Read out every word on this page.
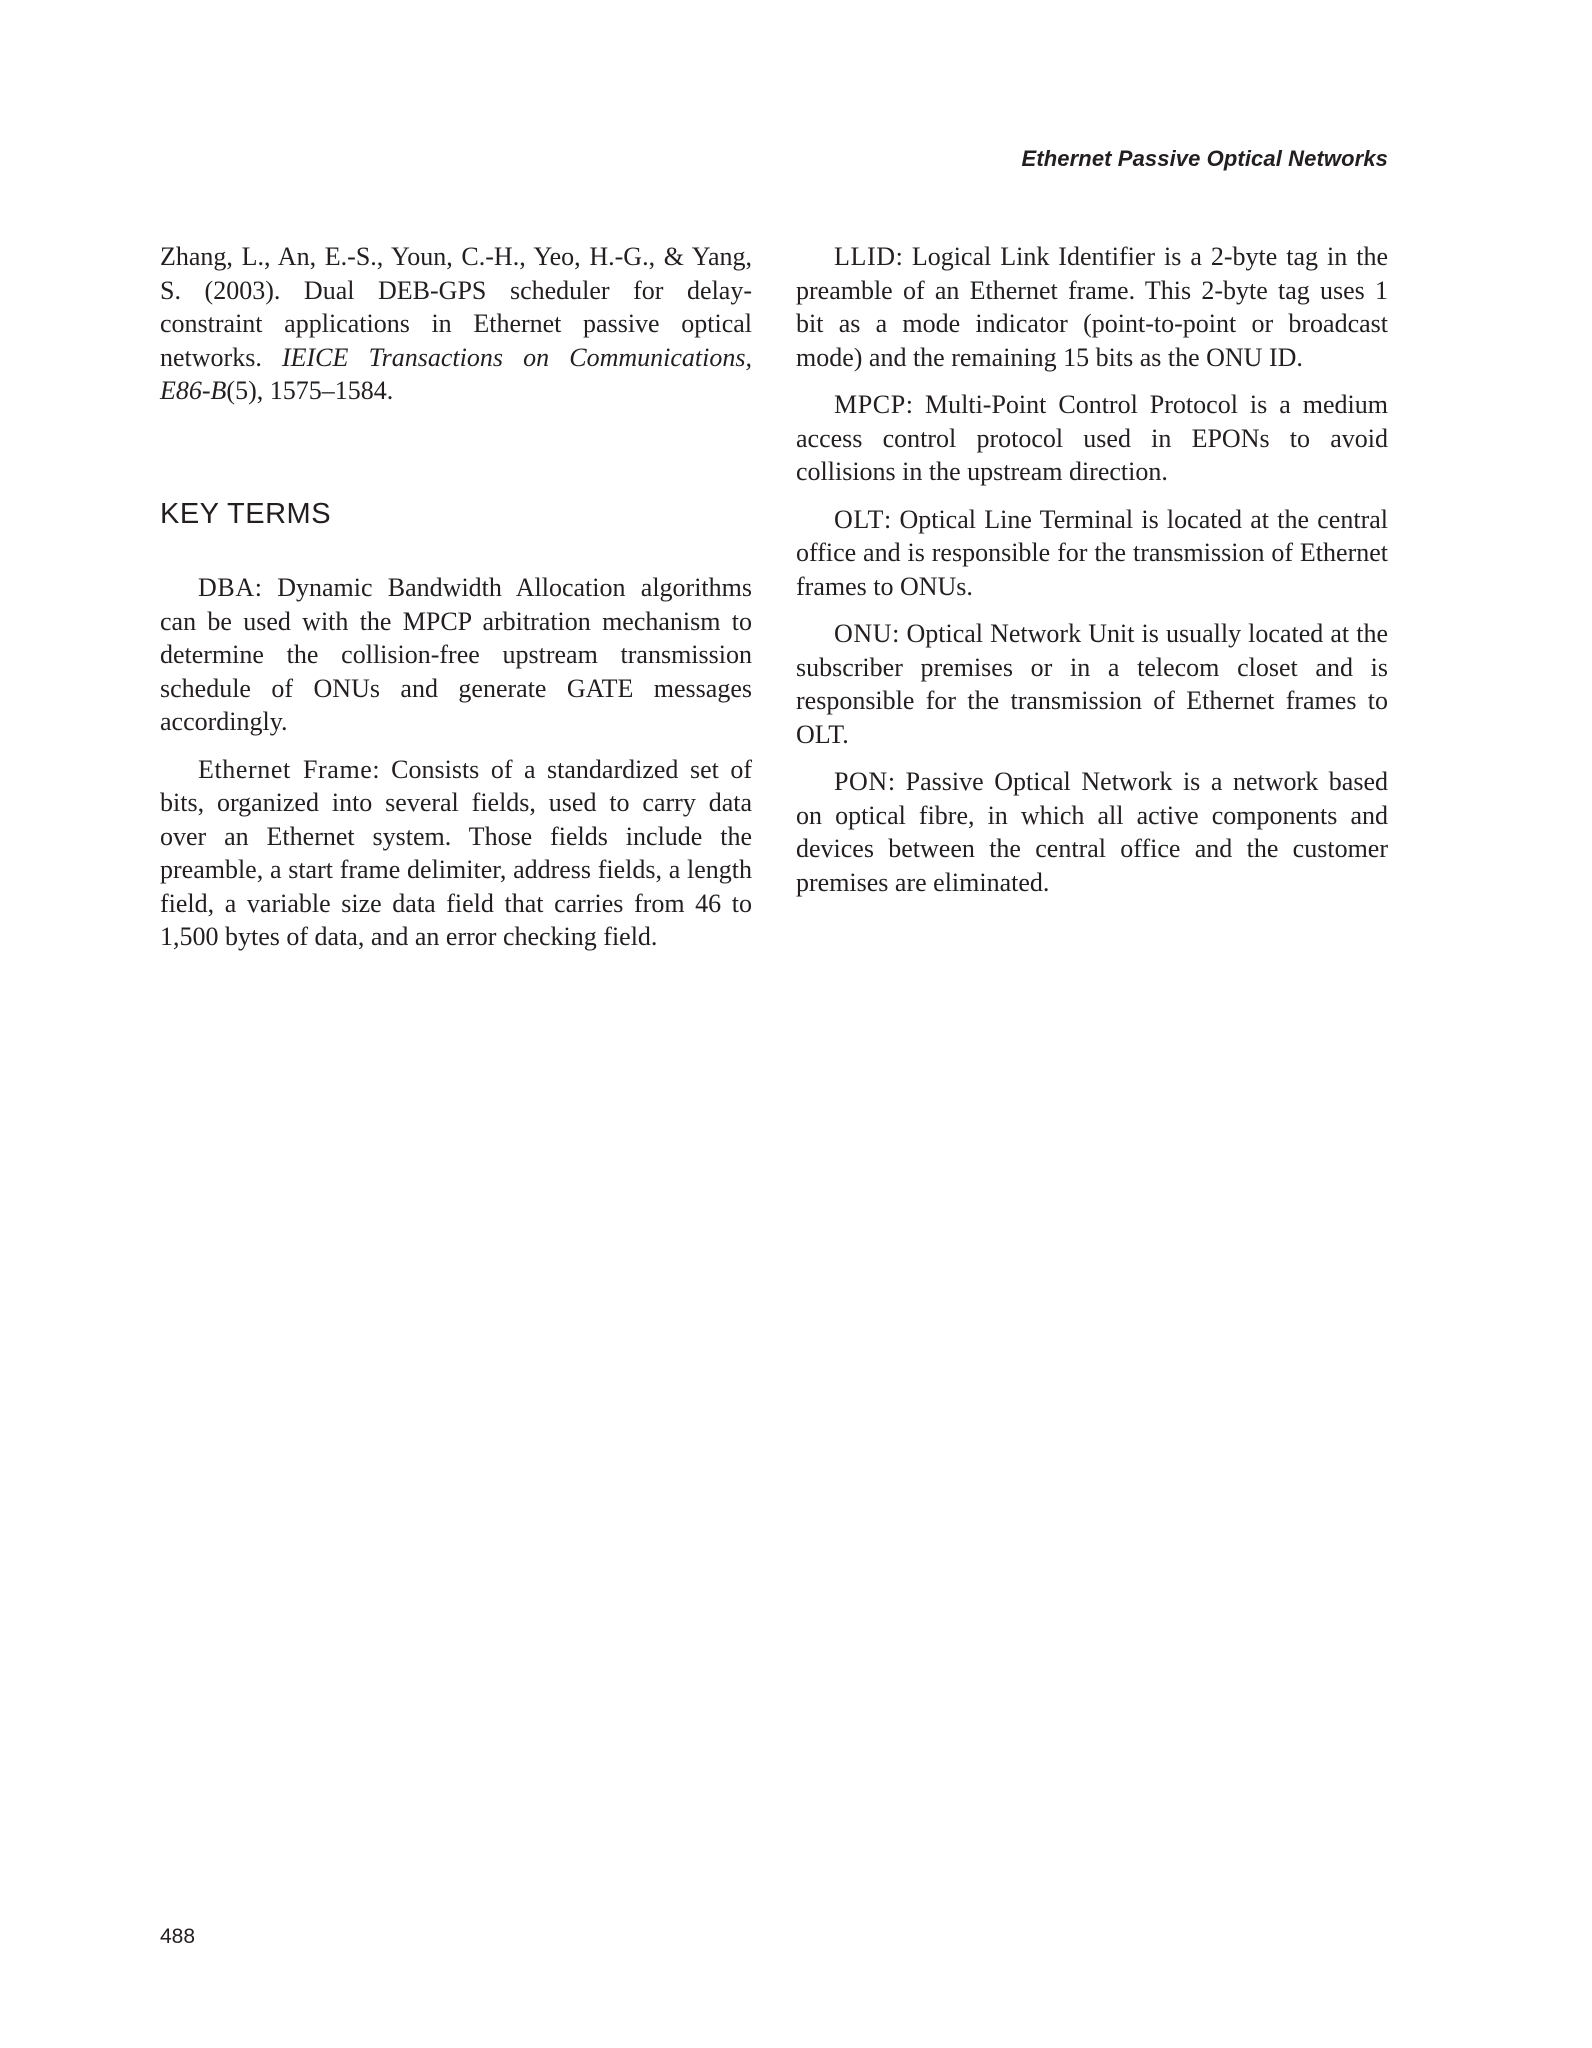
Ethernet Passive Optical Networks

Zhang, L., An, E.-S., Youn, C.-H., Yeo, H.-G., & Yang, S. (2003). Dual DEB-GPS scheduler for delay-constraint applications in Ethernet passive optical networks. IEICE Transactions on Communications, E86-B(5), 1575–1584.

KEY TERMS

DBA: Dynamic Bandwidth Allocation algorithms can be used with the MPCP arbitration mechanism to determine the collision-free upstream transmission schedule of ONUs and generate GATE messages accordingly.

Ethernet Frame: Consists of a standardized set of bits, organized into several fields, used to carry data over an Ethernet system. Those fields include the preamble, a start frame delimiter, address fields, a length field, a variable size data field that carries from 46 to 1,500 bytes of data, and an error checking field.

LLID: Logical Link Identifier is a 2-byte tag in the preamble of an Ethernet frame. This 2-byte tag uses 1 bit as a mode indicator (point-to-point or broadcast mode) and the remaining 15 bits as the ONU ID.

MPCP: Multi-Point Control Protocol is a medium access control protocol used in EPONs to avoid collisions in the upstream direction.

OLT: Optical Line Terminal is located at the central office and is responsible for the transmission of Ethernet frames to ONUs.

ONU: Optical Network Unit is usually located at the subscriber premises or in a telecom closet and is responsible for the transmission of Ethernet frames to OLT.

PON: Passive Optical Network is a network based on optical fibre, in which all active components and devices between the central office and the customer premises are eliminated.

488
